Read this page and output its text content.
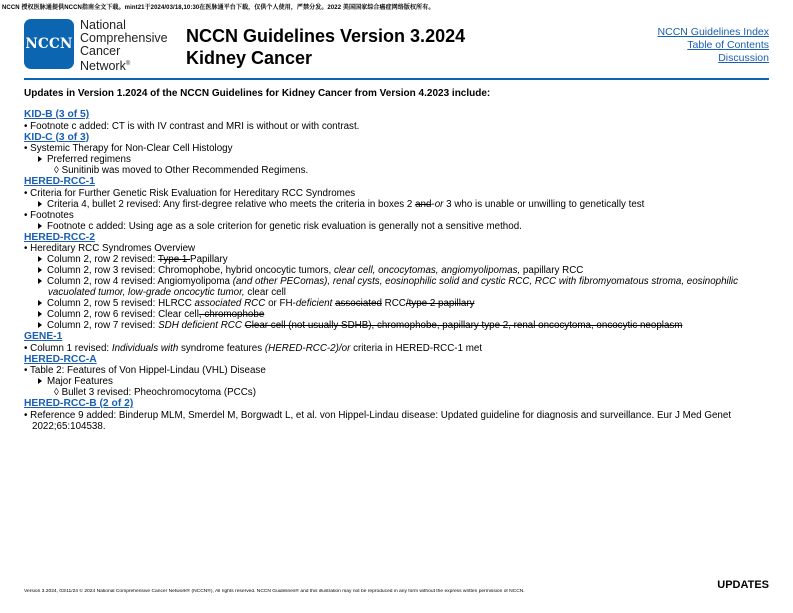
NCCN 授权医脉通提供NCCN指南全文下载。mint21于2024/03/18,10:30在医脉通平台下载，仅供个人使用，严禁分发。2022 美国国家综合癌症网络版权所有。
NCCN
National
Comprehensive
Cancer
Network®
NCCN Guidelines Version 3.2024
Kidney Cancer
NCCN Guidelines Index
Table of Contents
Discussion
Updates in Version 1.2024 of the NCCN Guidelines for Kidney Cancer from Version 4.2023 include:
KID-B (3 of 5)
• Footnote c added: CT is with IV contrast and MRI is without or with contrast.
KID-C (3 of 3)
• Systemic Therapy for Non-Clear Cell Histology
Preferred regimens
◊ Sunitinib was moved to Other Recommended Regimens.
HERED-RCC-1
• Criteria for Further Genetic Risk Evaluation for Hereditary RCC Syndromes
Criteria 4, bullet 2 revised: Any first-degree relative who meets the criteria in boxes 2 and-or 3 who is unable or unwilling to genetically test
• Footnotes
Footnote c added: Using age as a sole criterion for genetic risk evaluation is generally not a sensitive method.
HERED-RCC-2
• Hereditary RCC Syndromes Overview
Column 2, row 2 revised: Type 1 Papillary
Column 2, row 3 revised: Chromophobe, hybrid oncocytic tumors, clear cell, oncocytomas, angiomyolipomas, papillary RCC
Column 2, row 4 revised: Angiomyolipoma (and other PEComas), renal cysts, eosinophilic solid and cystic RCC, RCC with fibromyomatous stroma, eosinophilic vacuolated tumor, low-grade oncocytic tumor, clear cell
Column 2, row 5 revised: HLRCC associated RCC or FH-deficient associated RCC/type 2 papillary
Column 2, row 6 revised: Clear cell, chromophobe
Column 2, row 7 revised: SDH deficient RCC Clear cell (not usually SDHB), chromophobe, papillary type 2, renal oncocytoma, oncocytic neoplasm
GENE-1
• Column 1 revised: Individuals with syndrome features (HERED-RCC-2)/or criteria in HERED-RCC-1 met
HERED-RCC-A
• Table 2: Features of Von Hippel-Lindau (VHL) Disease
Major Features
◊ Bullet 3 revised: Pheochromocytoma (PCCs)
HERED-RCC-B (2 of 2)
• Reference 9 added: Binderup MLM, Smerdel M, Borgwadt L, et al. von Hippel-Lindau disease: Updated guideline for diagnosis and surveillance. Eur J Med Genet 2022;65:104538.
Version 3.2024, 03/11/24 © 2024 National Comprehensive Cancer Network® (NCCN®), All rights reserved. NCCN Guidelines® and this illustration may not be reproduced in any form without the express written permission of NCCN.
UPDATES
